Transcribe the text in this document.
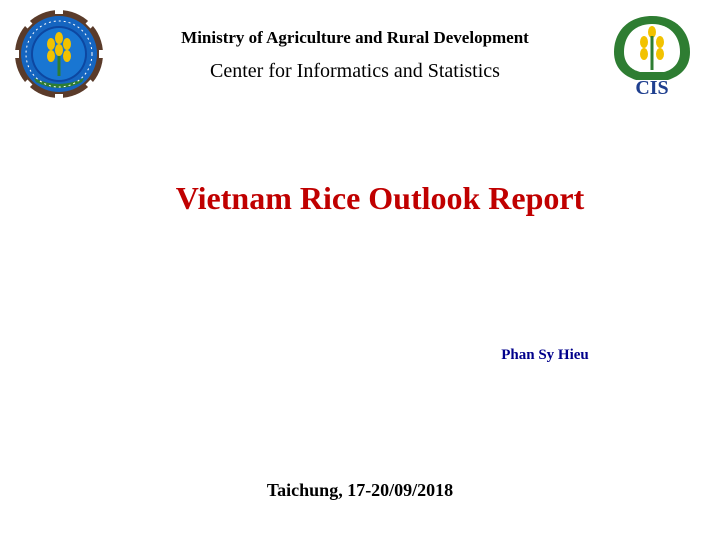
Ministry of Agriculture and Rural Development
Center for Informatics and Statistics
CIS
Vietnam Rice Outlook Report
Phan Sy Hieu
Taichung, 17-20/09/2018
